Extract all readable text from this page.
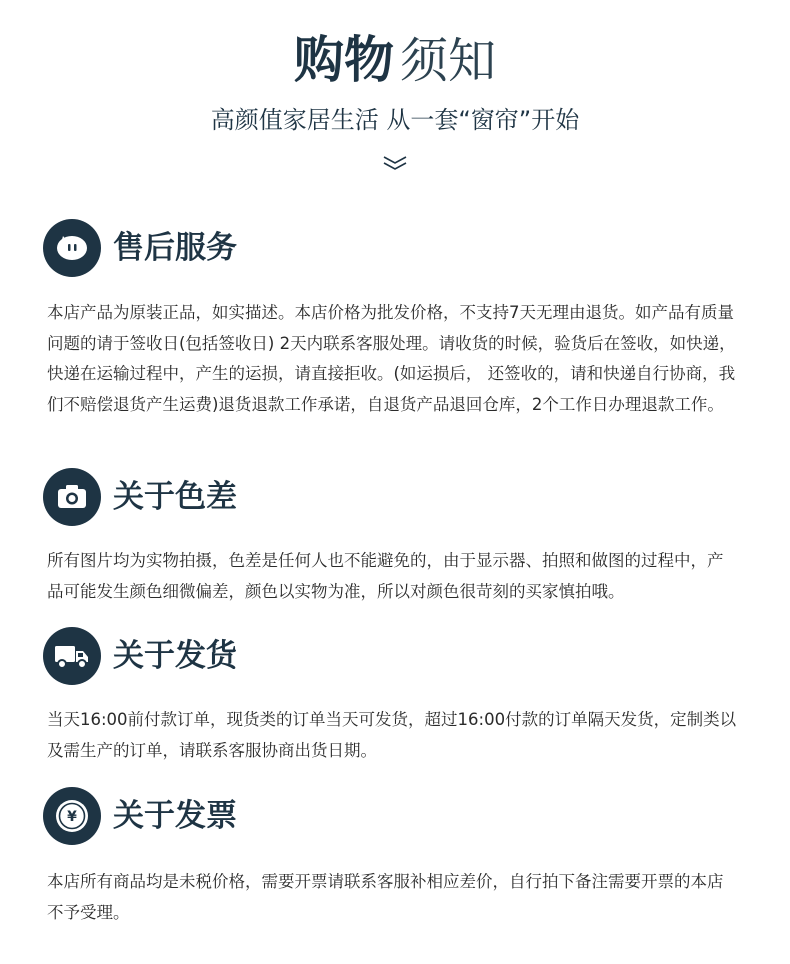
购物 须知
高颜值家居生活 从一套“窗帘”开始
售后服务
本店产品为原装正品，如实描述。本店价格为批发价格，不支持7天无理由退货。如产品有质量问题的请于签收日(包括签收日) 2天内联系客服处理。请收货的时候，验货后在签收，如快递，快递在运输过程中，产生的运损，请直接拒收。(如运损后， 还签收的，请和快递自行协商，我们不赔偿退货产生运费)退货退款工作承诺，自退货产品退回仓库，2个工作日办理退款工作。
关于色差
所有图片均为实物拍摄，色差是任何人也不能避免的，由于显示器、拍照和做图的过程中，产品可能发生颜色细微偏差，颜色以实物为准，所以对颜色很苛刻的买家慎拍哦。
关于发货
当天16:00前付款订单，现货类的订单当天可发货，超过16:00付款的订单隔天发货，定制类以及需生产的订单，请联系客服协商出货日期。
¥ 关于发票
本店所有商品均是未税价格，需要开票请联系客服补相应差价，自行拍下备注需要开票的本店不予受理。
